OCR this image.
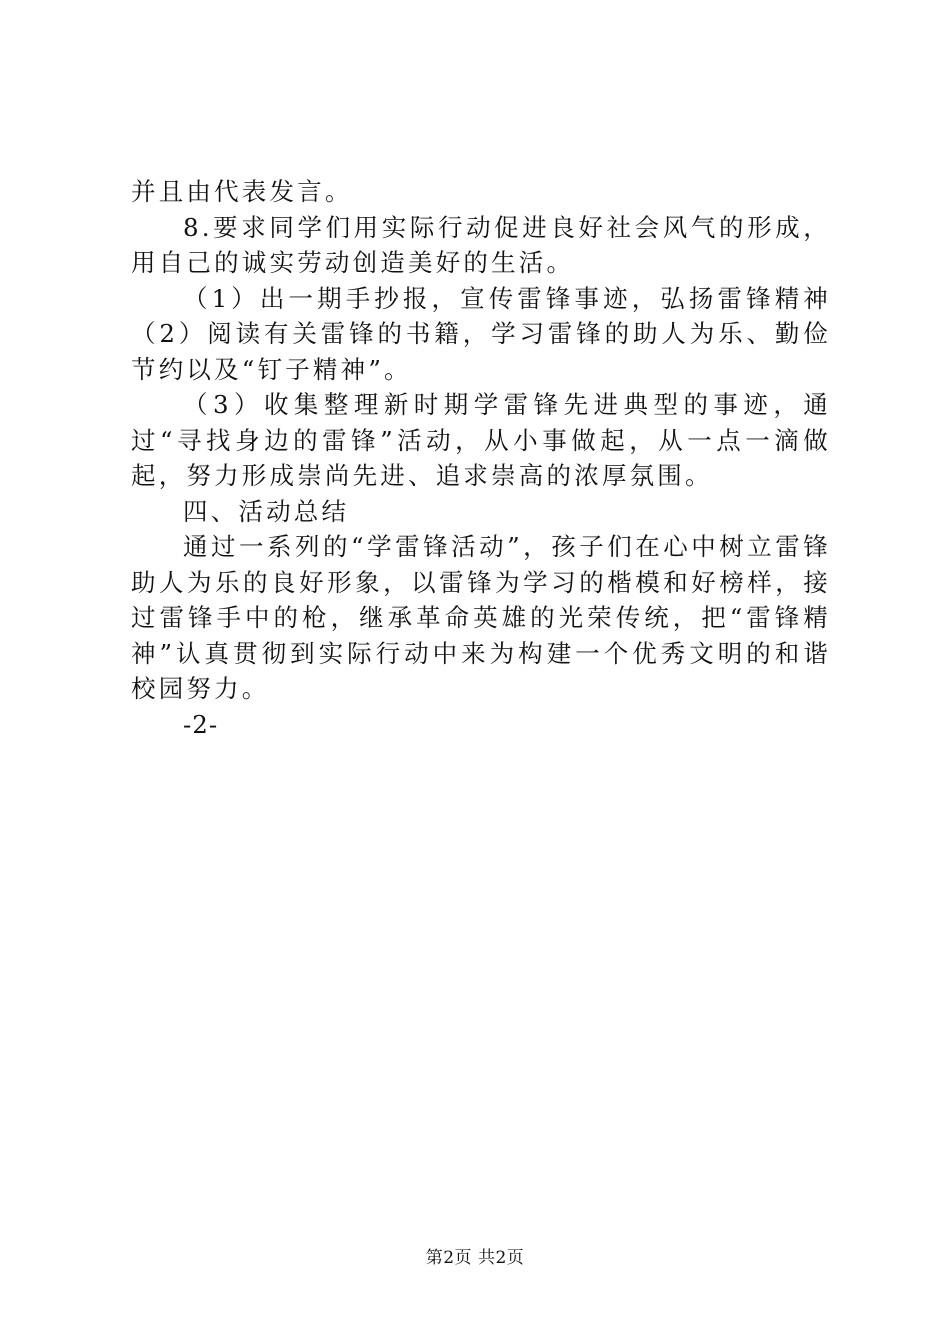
并且由代表发言。

8.要求同学们用实际行动促进良好社会风气的形成，用自己的诚实劳动创造美好的生活。

（1）出一期手抄报，宣传雷锋事迹，弘扬雷锋精神（2）阅读有关雷锋的书籍，学习雷锋的助人为乐、勤俭节约以及“钉子精神”。

（3）收集整理新时期学雷锋先进典型的事迹，通过“寻找身边的雷锋”活动，从小事做起，从一点一滴做起，努力形成崇尚先进、追求崇高的浓厚氛围。

四、活动总结

通过一系列的“学雷锋活动”，孩子们在心中树立雷锋助人为乐的良好形象，以雷锋为学习的楷模和好榜样，接过雷锋手中的枪，继承革命英雄的光荣传统，把“雷锋精神”认真贯彻到实际行动中来为构建一个优秀文明的和谐校园努力。

-2-

第2页 共2页
